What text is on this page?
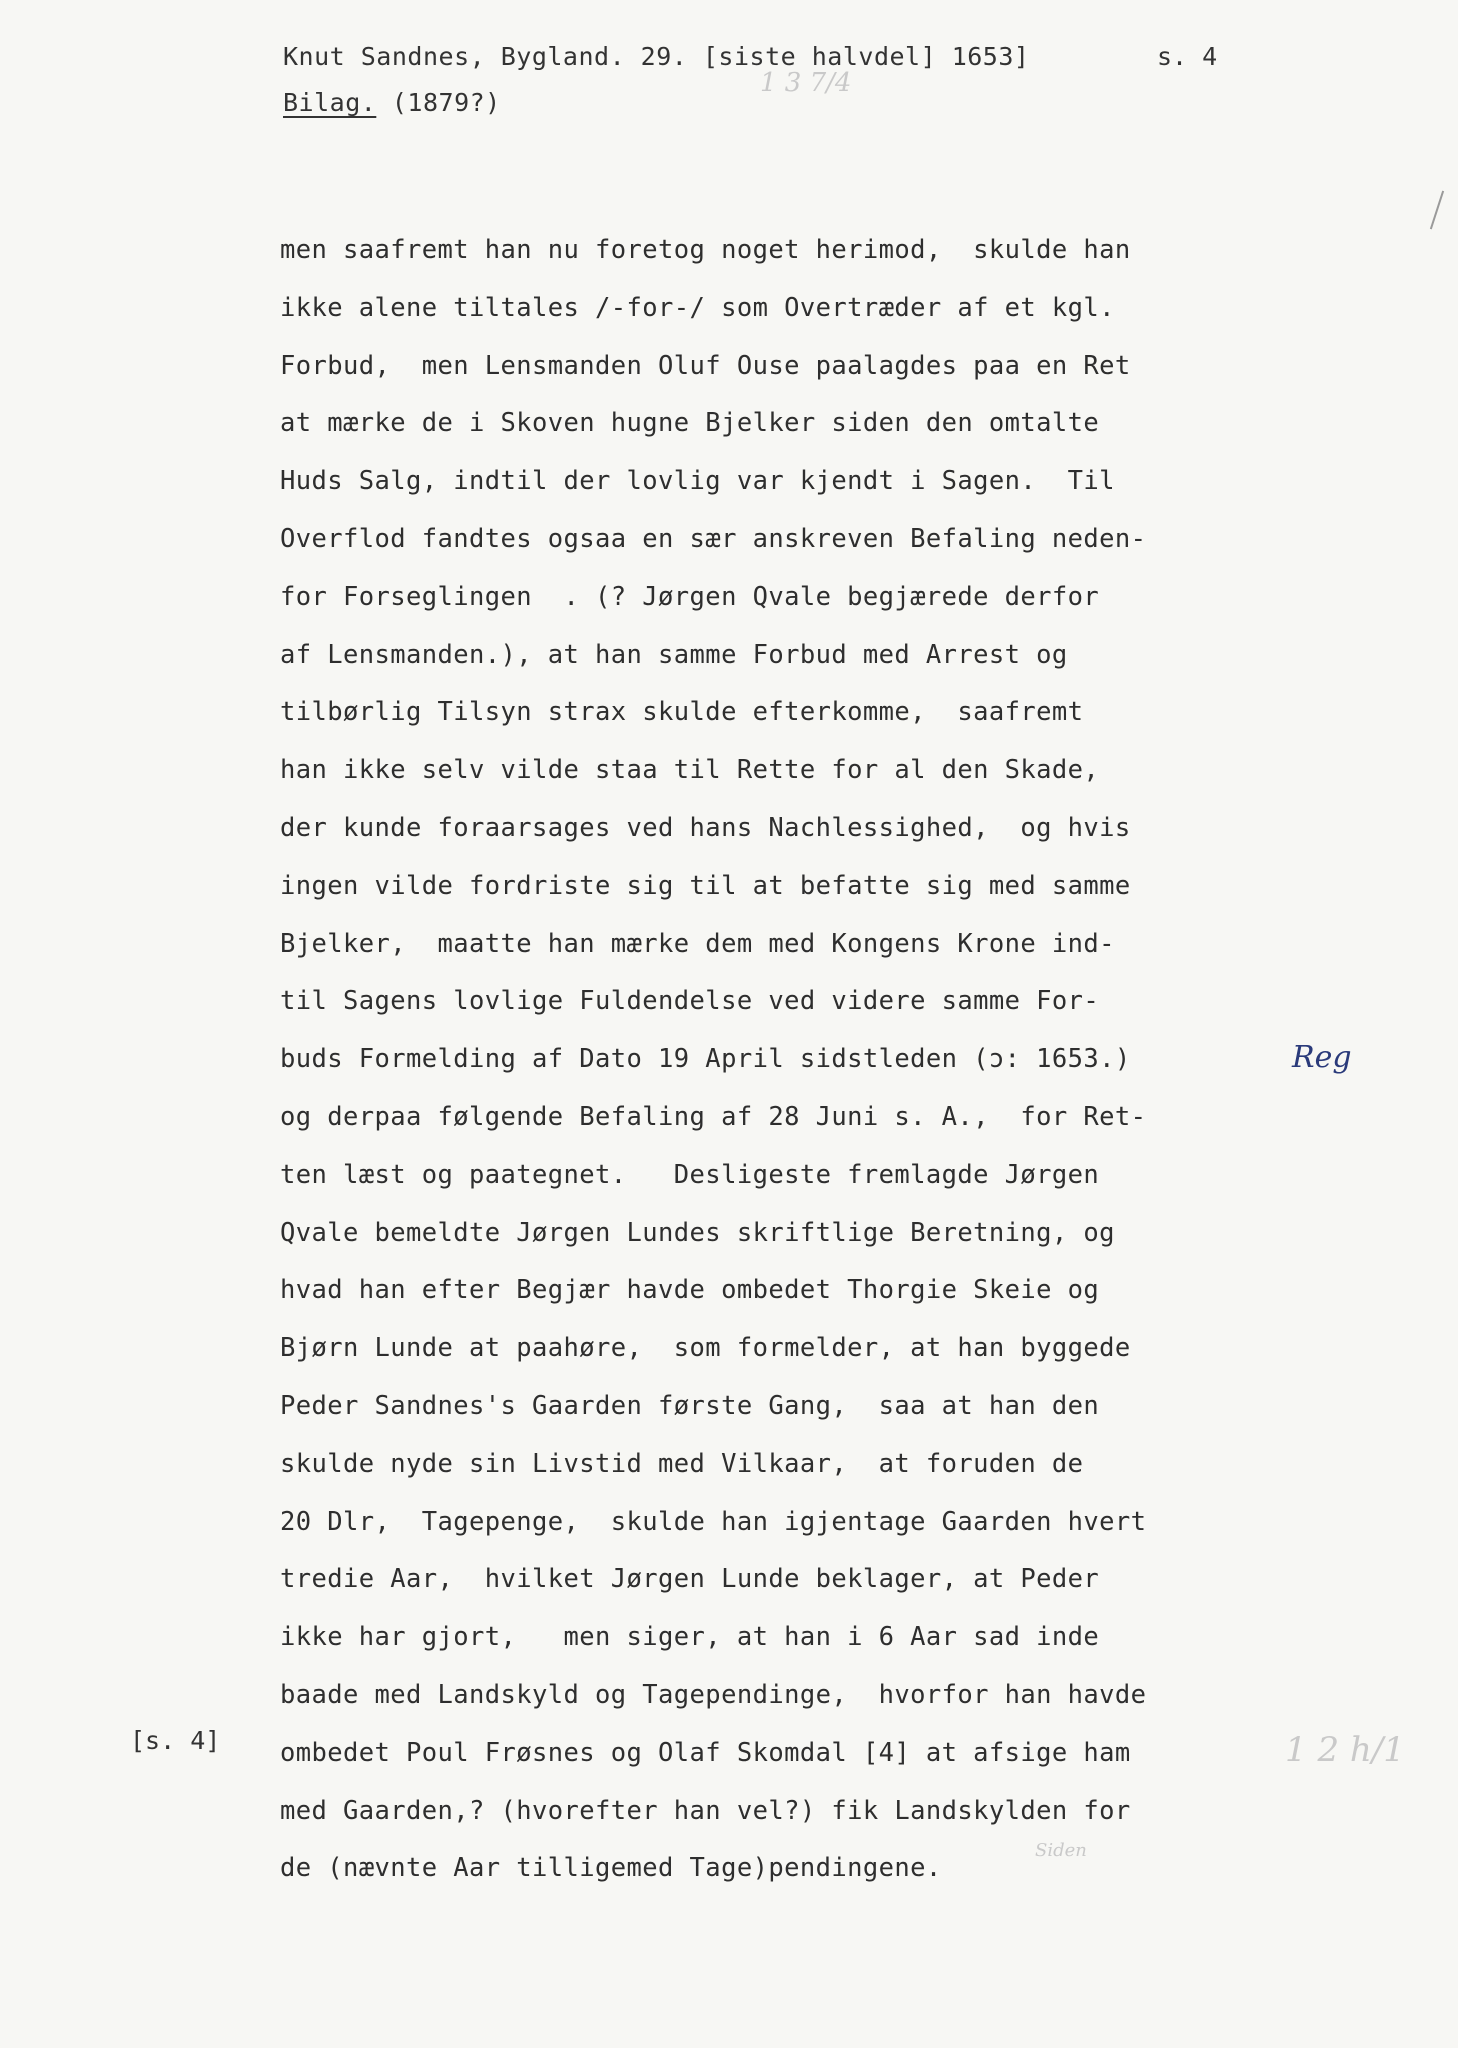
Knut Sandnes, Bygland. 29. [siste halvdel] 1653]	s. 4
Bilag. (1879?)
1 3 7/4
men saafremt han nu foretog noget herimod,  skulde han
ikke alene tiltales /-for-/ som Overtræder af et kgl.
Forbud,  men Lensmanden Oluf Ouse paalagdes paa en Ret
at mærke de i Skoven hugne Bjelker siden den omtalte
Huds Salg, indtil der lovlig var kjendt i Sagen.  Til
Overflod fandtes ogsaa en sær anskreven Befaling neden-
for Forseglingen  . (? Jørgen Qvale begjærede derfor
af Lensmanden.), at han samme Forbud med Arrest og
tilbørlig Tilsyn strax skulde efterkomme,  saafremt
han ikke selv vilde staa til Rette for al den Skade,
der kunde foraarsages ved hans Nachlessighed,  og hvis
ingen vilde fordriste sig til at befatte sig med samme
Bjelker,  maatte han mærke dem med Kongens Krone ind-
til Sagens lovlige Fuldendelse ved videre samme For-
buds Formelding af Dato 19 April sidstleden (ɔ: 1653.)
og derpaa følgende Befaling af 28 Juni s. A.,  for Ret-
ten læst og paategnet.   Desligeste fremlagde Jørgen
Qvale bemeldte Jørgen Lundes skriftlige Beretning, og
hvad han efter Begjær havde ombedet Thorgie Skeie og
Bjørn Lunde at paahøre,  som formelder, at han byggede
Peder Sandnes's Gaarden første Gang,  saa at han den
skulde nyde sin Livstid med Vilkaar,  at foruden de
20 Dlr,  Tagepenge,  skulde han igjentage Gaarden hvert
tredie Aar,  hvilket Jørgen Lunde beklager, at Peder
ikke har gjort,   men siger, at han i 6 Aar sad inde
baade med Landskyld og Tagependinge,  hvorfor han havde
ombedet Poul Frøsnes og Olaf Skomdal [4] at afsige ham
med Gaarden,? (hvorefter han vel?) fik Landskylden for
de (nævnte Aar tilligemed Tage)pendingene.
[s. 4]
Reg
1 2 h/1
Siden
